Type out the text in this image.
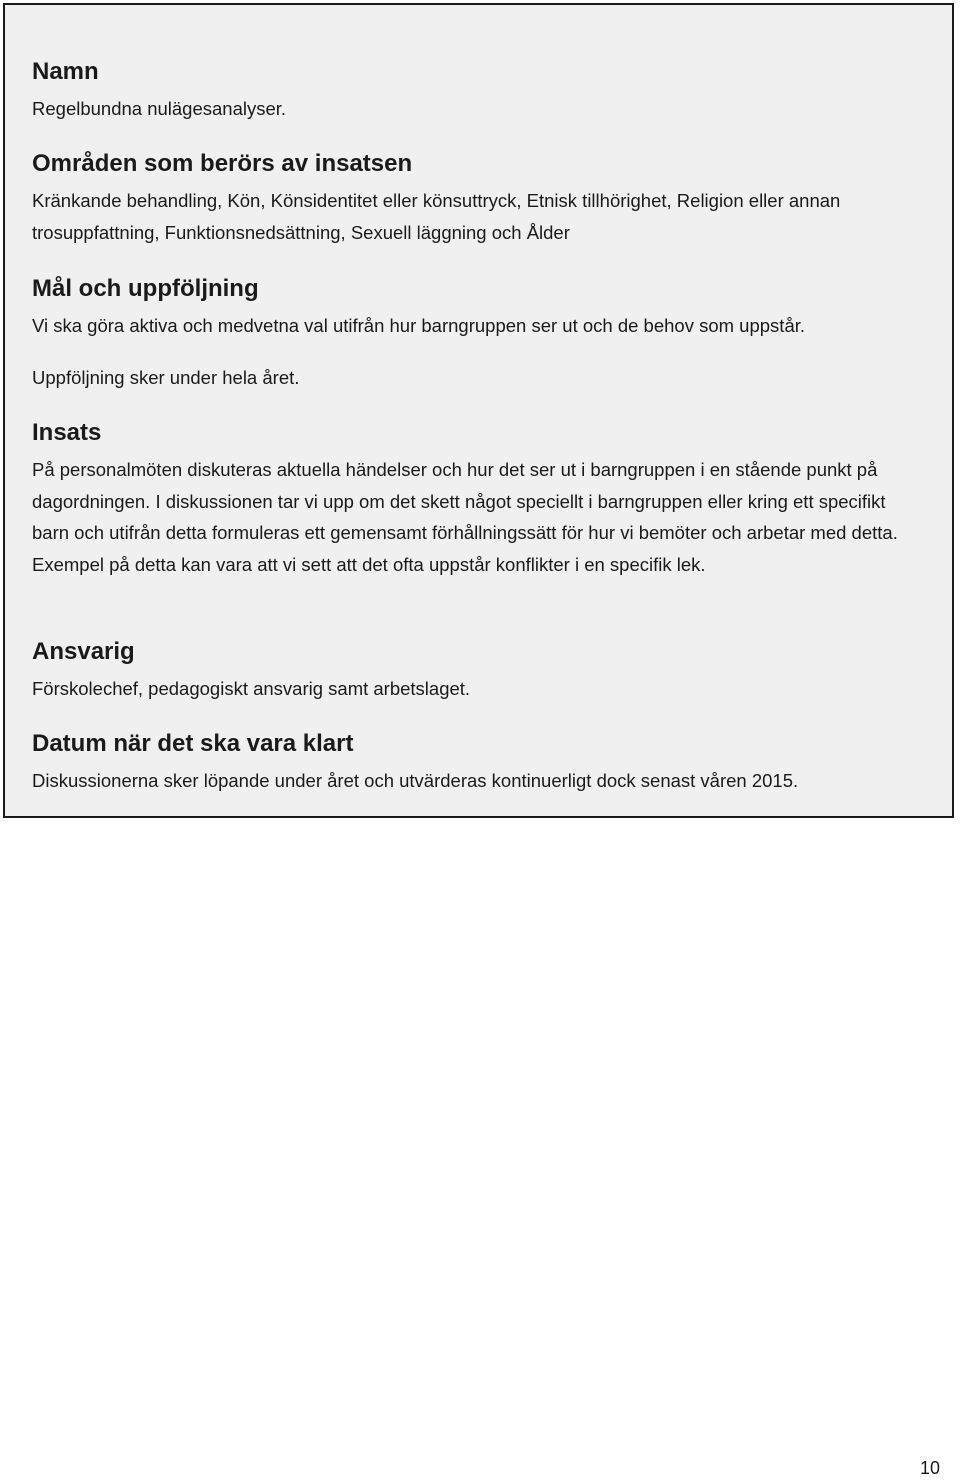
Namn

Regelbundna nulägesanalyser.

Områden som berörs av insatsen

Kränkande behandling, Kön, Könsidentitet eller könsuttryck, Etnisk tillhörighet, Religion eller annan trosuppfattning, Funktionsnedsättning, Sexuell läggning och Ålder

Mål och uppföljning

Vi ska göra aktiva och medvetna val utifrån hur barngruppen ser ut och de behov som uppstår.

Uppföljning sker under hela året.

Insats

På personalmöten diskuteras aktuella händelser och hur det ser ut i barngruppen i en stående punkt på dagordningen. I diskussionen tar vi upp om det skett något speciellt i barngruppen eller kring ett specifikt barn och utifrån detta formuleras ett gemensamt förhållningssätt för hur vi bemöter och arbetar med detta. Exempel på detta kan vara att vi sett att det ofta uppstår konflikter i en specifik lek.

Ansvarig

Förskolechef, pedagogiskt ansvarig samt arbetslaget.

Datum när det ska vara klart

Diskussionerna sker löpande under året och utvärderas kontinuerligt dock senast våren 2015.

10
